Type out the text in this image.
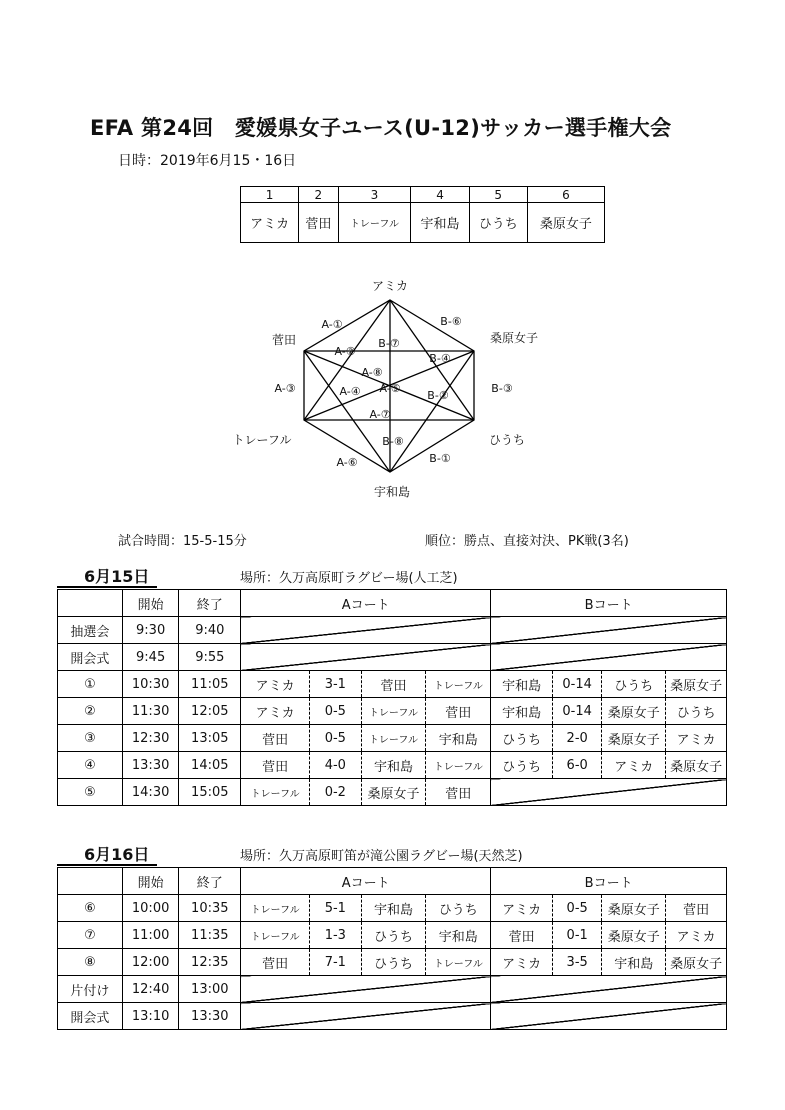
EFA 第24回　愛媛県女子ユース(U-12)サッカー選手権大会
日時：2019年6月15・16日
1	2	3	4	5	6
アミカ	菅田	トレーフル	宇和島	ひうち	桑原女子
アミカ
菅田
トレーフル
宇和島
ひうち
桑原女子
A-①	B-⑥
A-②
B-⑦
B-④
A-⑧
A-③	B-③
A-④ A-⑤
B-②
A-⑦
B-⑧
B-①
A-⑥
試合時間：15-5-15分	順位：勝点、直接対決、PK戦(3名)
6月15日	場所：久万高原町ラグビー場(人工芝)
	開始	終了	Aコート				Bコート			
抽選会	9:30	9:40								
開会式	9:45	9:55								
①	10:30	11:05	アミカ	3-1	菅田	トレーフル	宇和島	0-14	ひうち	桑原女子
②	11:30	12:05	アミカ	0-5	トレーフル	菅田	宇和島	0-14	桑原女子	ひうち
③	12:30	13:05	菅田	0-5	トレーフル	宇和島	ひうち	2-0	桑原女子	アミカ
④	13:30	14:05	菅田	4-0	宇和島	トレーフル	ひうち	6-0	アミカ	桑原女子
⑤	14:30	15:05	トレーフル	0-2	桑原女子	菅田				
6月16日	場所：久万高原町笛が滝公園ラグビー場(天然芝)
	開始	終了	Aコート				Bコート			
⑥	10:00	10:35	トレーフル	5-1	宇和島	ひうち	アミカ	0-5	桑原女子	菅田
⑦	11:00	11:35	トレーフル	1-3	ひうち	宇和島	菅田	0-1	桑原女子	アミカ
⑧	12:00	12:35	菅田	7-1	ひうち	トレーフル	アミカ	3-5	宇和島	桑原女子
片付け	12:40	13:00								
開会式	13:10	13:30								
